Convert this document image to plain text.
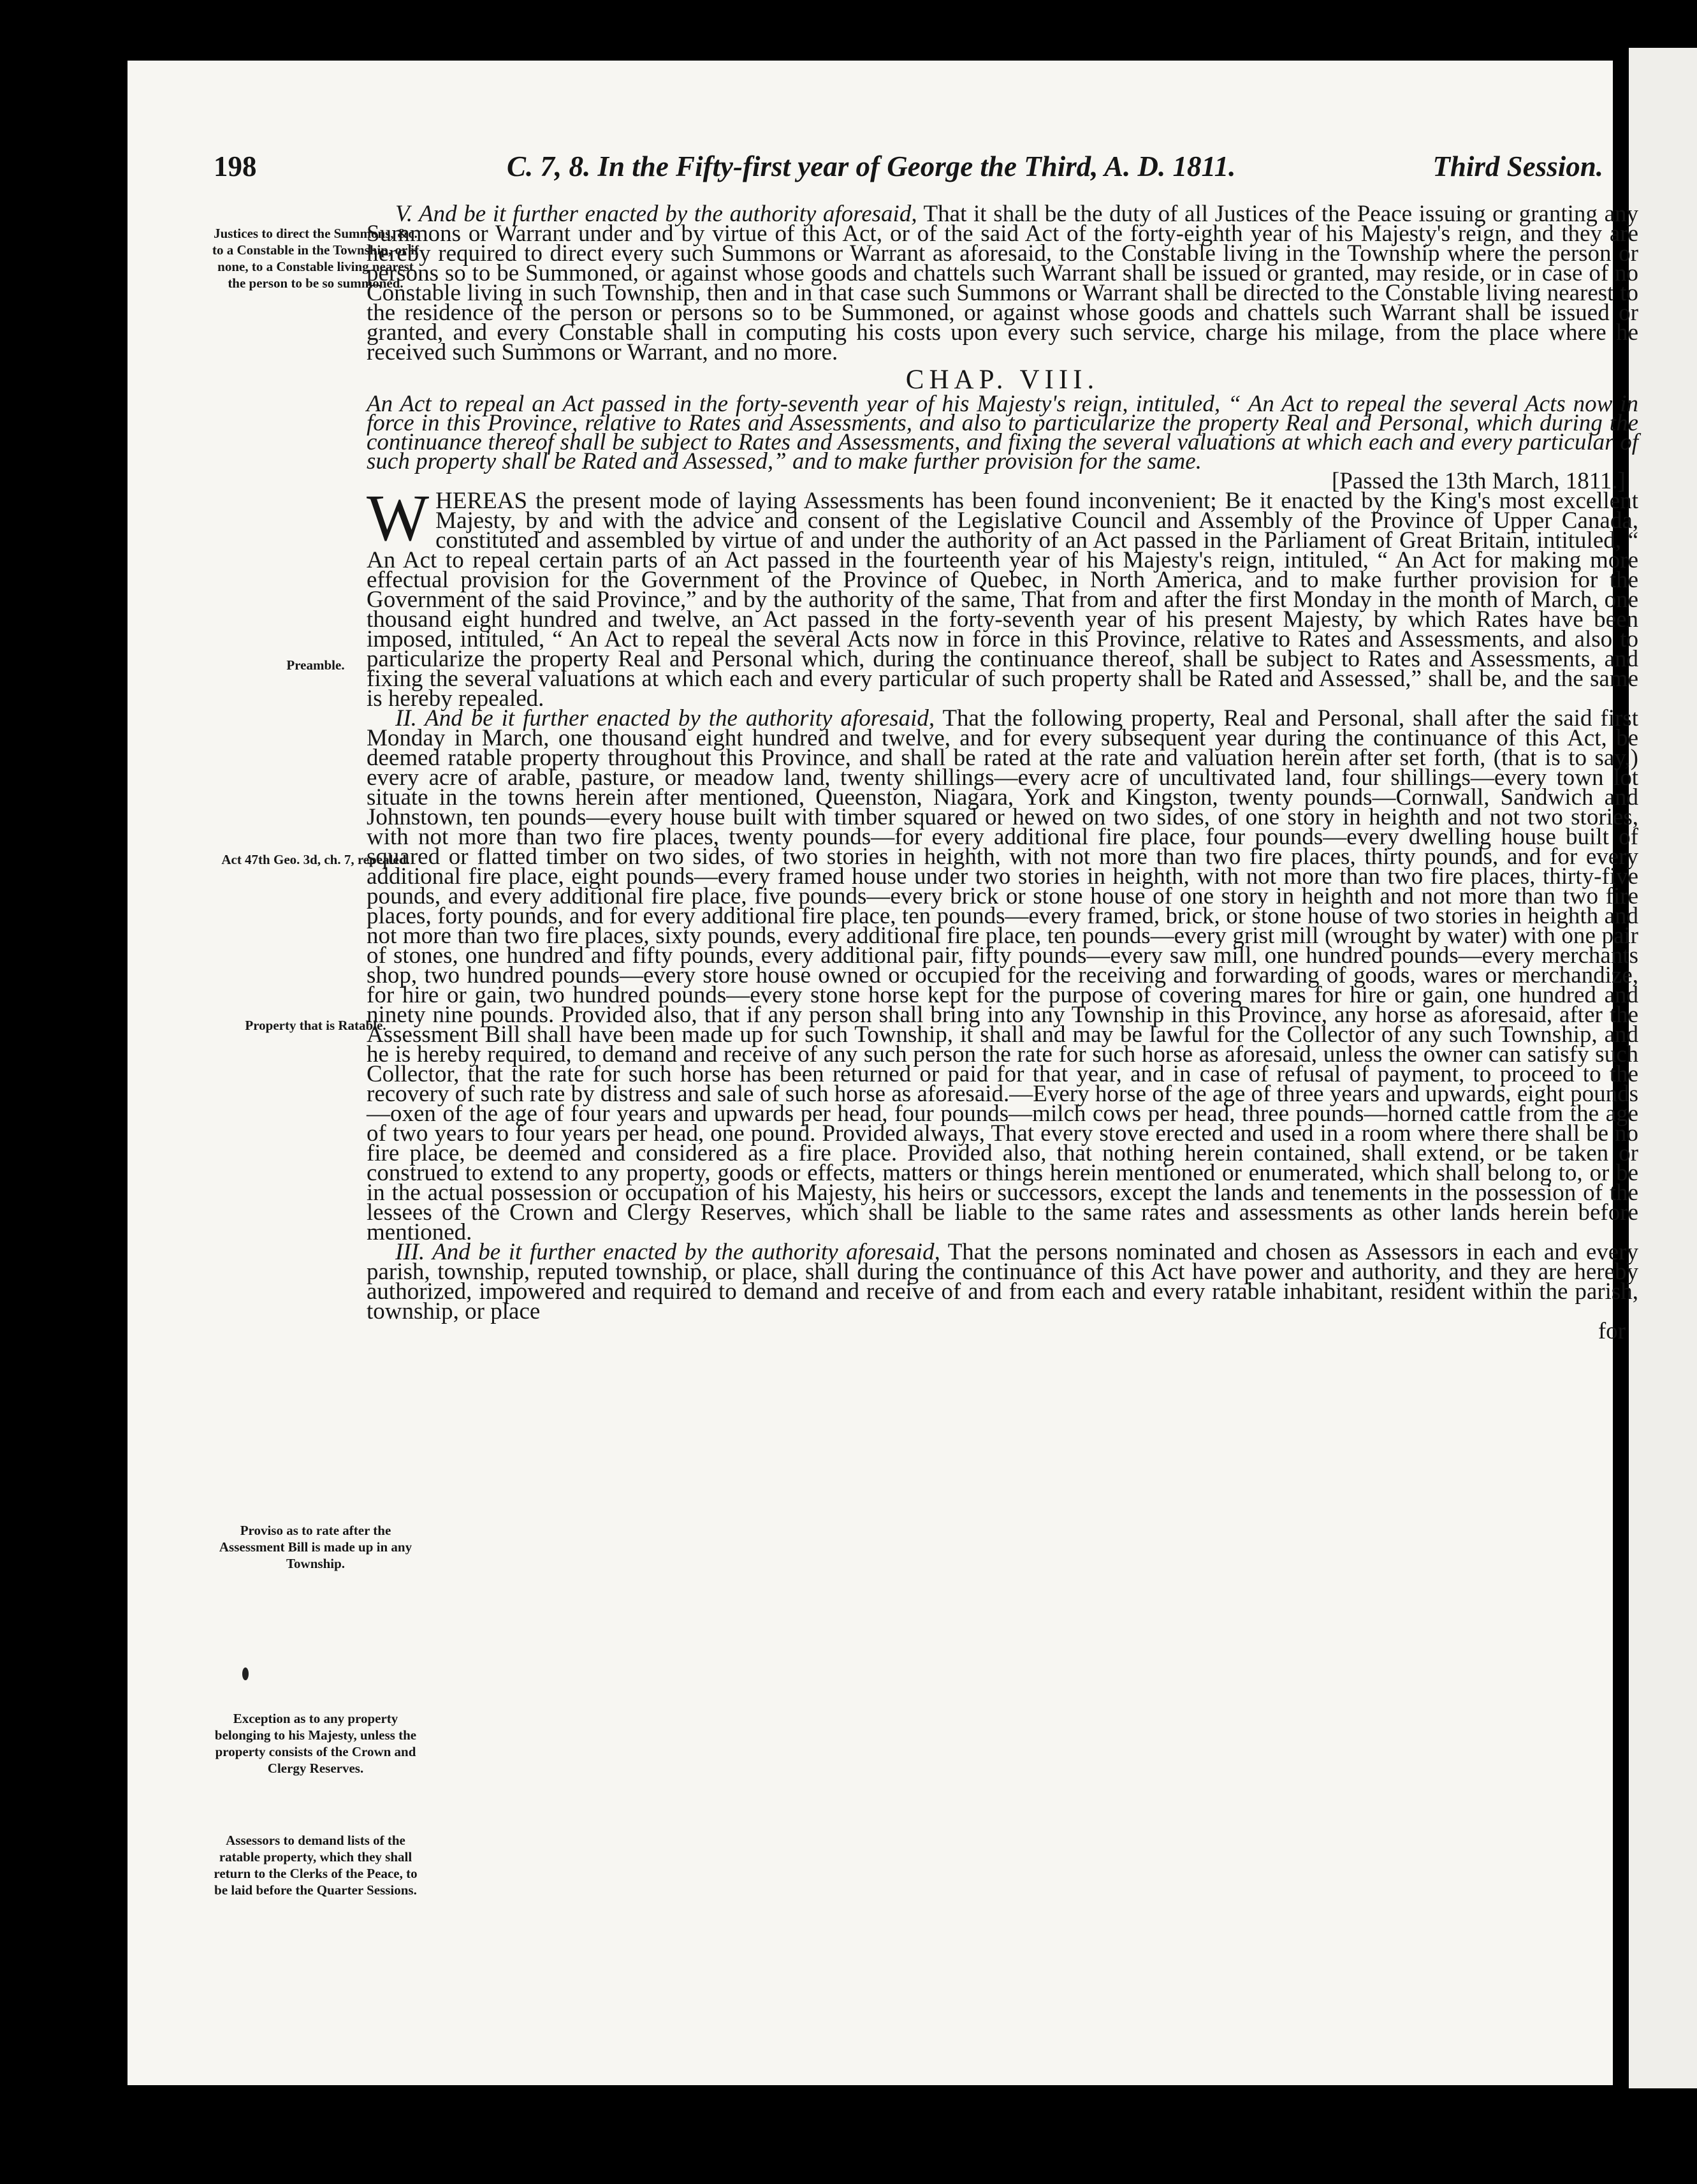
198	C. 7, 8. In the Fifty-first year of George the Third, A. D. 1811.	Third Session.
Justices to direct the Summons, &c. to a Constable in the Township, or if none, to a Constable living nearest the person to be so summoned.
Preamble.
Act 47th Geo. 3d, ch. 7, repealed.
Property that is Ratable.
Proviso as to rate after the Assessment Bill is made up in any Township.
Exception as to any property belonging to his Majesty, unless the property consists of the Crown and Clergy Reserves.
Assessors to demand lists of the ratable property, which they shall return to the Clerks of the Peace, to be laid before the Quarter Sessions.

V. And be it further enacted by the authority aforesaid, That it shall be the duty of all Justices of the Peace issuing or granting any Summons or Warrant under and by virtue of this Act, or of the said Act of the forty-eighth year of his Majesty's reign, and they are hereby required to direct every such Summons or Warrant as aforesaid, to the Constable living in the Township where the person or persons so to be Summoned, or against whose goods and chattels such Warrant shall be issued or granted, may reside, or in case of no Constable living in such Township, then and in that case such Summons or Warrant shall be directed to the Constable living nearest to the residence of the person or persons so to be Summoned, or against whose goods and chattels such Warrant shall be issued or granted, and every Constable shall in computing his costs upon every such service, charge his milage, from the place where he received such Summons or Warrant, and no more.

CHAP. VIII.

An Act to repeal an Act passed in the forty-seventh year of his Majesty's reign, intituled, “ An Act to repeal the several Acts now in force in this Province, relative to Rates and Assessments, and also to particularize the property Real and Personal, which during the continuance thereof shall be subject to Rates and Assessments, and fixing the several valuations at which each and every particular of such property shall be Rated and Assessed,” and to make further provision for the same.

[Passed the 13th March, 1811.]

WHEREAS the present mode of laying Assessments has been found inconvenient; Be it enacted by the King's most excellent Majesty, by and with the advice and consent of the Legislative Council and Assembly of the Province of Upper Canada, constituted and assembled by virtue of and under the authority of an Act passed in the Parliament of Great Britain, intituled, “ An Act to repeal certain parts of an Act passed in the fourteenth year of his Majesty's reign, intituled, “ An Act for making more effectual provision for the Government of the Province of Quebec, in North America, and to make further provision for the Government of the said Province,” and by the authority of the same, That from and after the first Monday in the month of March, one thousand eight hundred and twelve, an Act passed in the forty-seventh year of his present Majesty, by which Rates have been imposed, intituled, “ An Act to repeal the several Acts now in force in this Province, relative to Rates and Assessments, and also to particularize the property Real and Personal which, during the continuance thereof, shall be subject to Rates and Assessments, and fixing the several valuations at which each and every particular of such property shall be Rated and Assessed,” shall be, and the same is hereby repealed.

II. And be it further enacted by the authority aforesaid, That the following property, Real and Personal, shall after the said first Monday in March, one thousand eight hundred and twelve, and for every subsequent year during the continuance of this Act, be deemed ratable property throughout this Province, and shall be rated at the rate and valuation herein after set forth, (that is to say,) every acre of arable, pasture, or meadow land, twenty shillings—every acre of uncultivated land, four shillings—every town lot situate in the towns herein after mentioned, Queenston, Niagara, York and Kingston, twenty pounds—Cornwall, Sandwich and Johnstown, ten pounds—every house built with timber squared or hewed on two sides, of one story in heighth and not two stories, with not more than two fire places, twenty pounds—for every additional fire place, four pounds—every dwelling house built of squared or flatted timber on two sides, of two stories in heighth, with not more than two fire places, thirty pounds, and for every additional fire place, eight pounds—every framed house under two stories in heighth, with not more than two fire places, thirty-five pounds, and every additional fire place, five pounds—every brick or stone house of one story in heighth and not more than two fire places, forty pounds, and for every additional fire place, ten pounds—every framed, brick, or stone house of two stories in heighth and not more than two fire places, sixty pounds, every additional fire place, ten pounds—every grist mill (wrought by water) with one pair of stones, one hundred and fifty pounds, every additional pair, fifty pounds—every saw mill, one hundred pounds—every merchants shop, two hundred pounds—every store house owned or occupied for the receiving and forwarding of goods, wares or merchandize, for hire or gain, two hundred pounds—every stone horse kept for the purpose of covering mares for hire or gain, one hundred and ninety nine pounds. Provided also, that if any person shall bring into any Township in this Province, any horse as aforesaid, after the Assessment Bill shall have been made up for such Township, it shall and may be lawful for the Collector of any such Township, and he is hereby required, to demand and receive of any such person the rate for such horse as aforesaid, unless the owner can satisfy such Collector, that the rate for such horse has been returned or paid for that year, and in case of refusal of payment, to proceed to the recovery of such rate by distress and sale of such horse as aforesaid.—Every horse of the age of three years and upwards, eight pounds—oxen of the age of four years and upwards per head, four pounds—milch cows per head, three pounds—horned cattle from the age of two years to four years per head, one pound. Provided always, That every stove erected and used in a room where there shall be no fire place, be deemed and considered as a fire place. Provided also, that nothing herein contained, shall extend, or be taken or construed to extend to any property, goods or effects, matters or things herein mentioned or enumerated, which shall belong to, or be in the actual possession or occupation of his Majesty, his heirs or successors, except the lands and tenements in the possession of the lessees of the Crown and Clergy Reserves, which shall be liable to the same rates and assessments as other lands herein before mentioned.

III. And be it further enacted by the authority aforesaid, That the persons nominated and chosen as Assessors in each and every parish, township, reputed township, or place, shall during the continuance of this Act have power and authority, and they are hereby authorized, impowered and required to demand and receive of and from each and every ratable inhabitant, resident within the parish, township, or place

for
